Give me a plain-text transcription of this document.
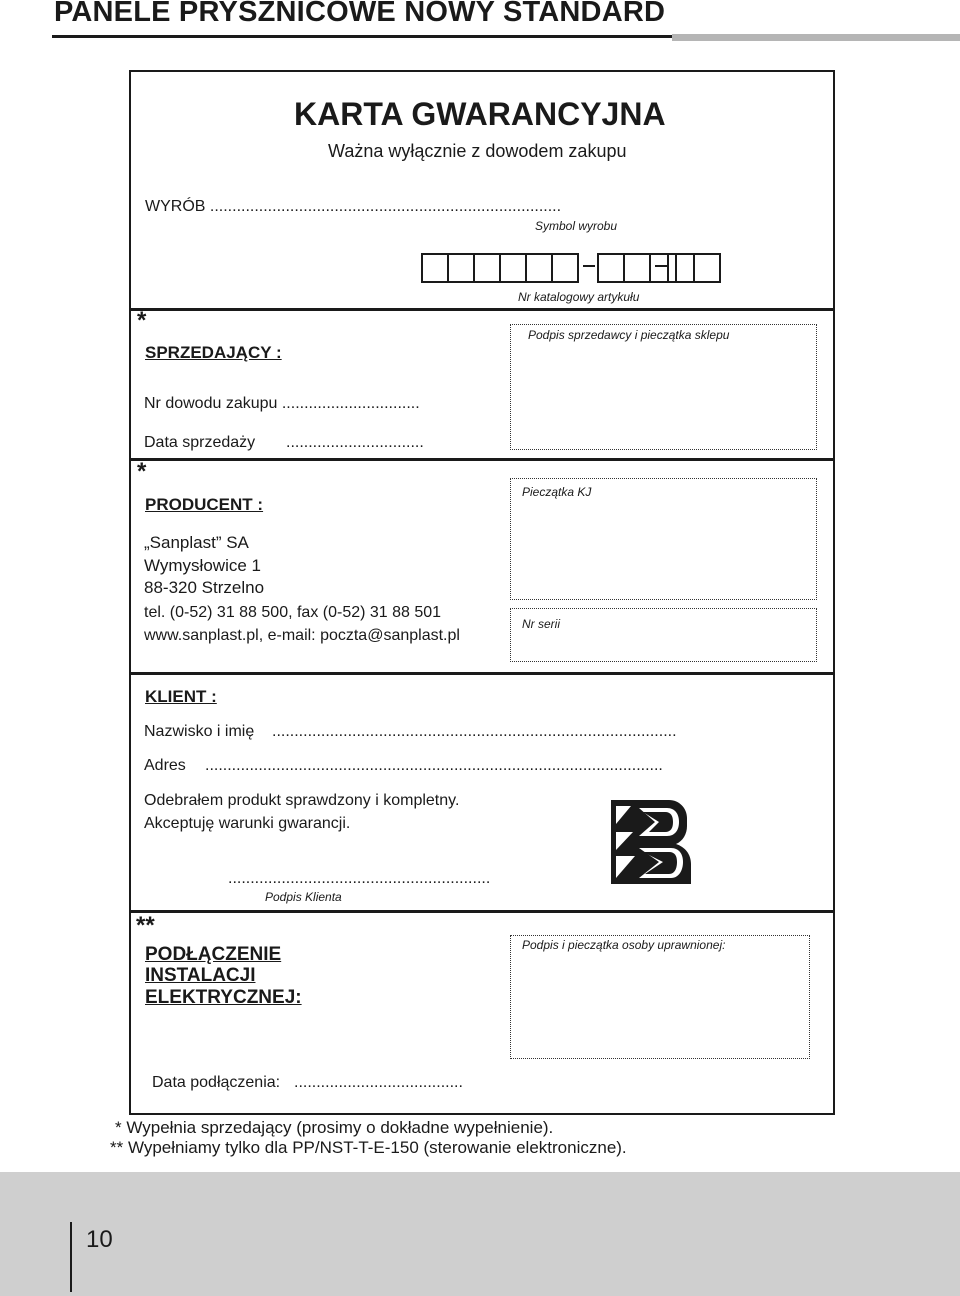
PANELE PRYSZNICOWE NOWY STANDARD
KARTA GWARANCYJNA
Ważna wyłącznie z dowodem zakupu
WYRÓB ...............................................................................
Symbol wyrobu
Nr katalogowy artykułu
*
SPRZEDAJĄCY :
Podpis sprzedawcy i pieczątka sklepu
Nr dowodu zakupu ...............................
Data sprzedaży ...............................
*
PRODUCENT :
Pieczątka KJ
Nr serii
„Sanplast” SA
Wymysłowice 1
88-320 Strzelno
tel. (0-52) 31 88 500, fax (0-52) 31 88 501
www.sanplast.pl, e-mail: poczta@sanplast.pl
KLIENT :
Nazwisko i imię ...........................................................................................
Adres .......................................................................................................
Odebrałem produkt sprawdzony i kompletny.
Akceptuję warunki gwarancji.
...........................................................
Podpis Klienta
**
PODŁĄCZENIE
INSTALACJI
ELEKTRYCZNEJ:
Podpis i pieczątka osoby uprawnionej:
Data podłączenia: ......................................
* Wypełnia sprzedający (prosimy o dokładne wypełnienie).
** Wypełniamy tylko dla PP/NST-T-E-150 (sterowanie elektroniczne).
10
